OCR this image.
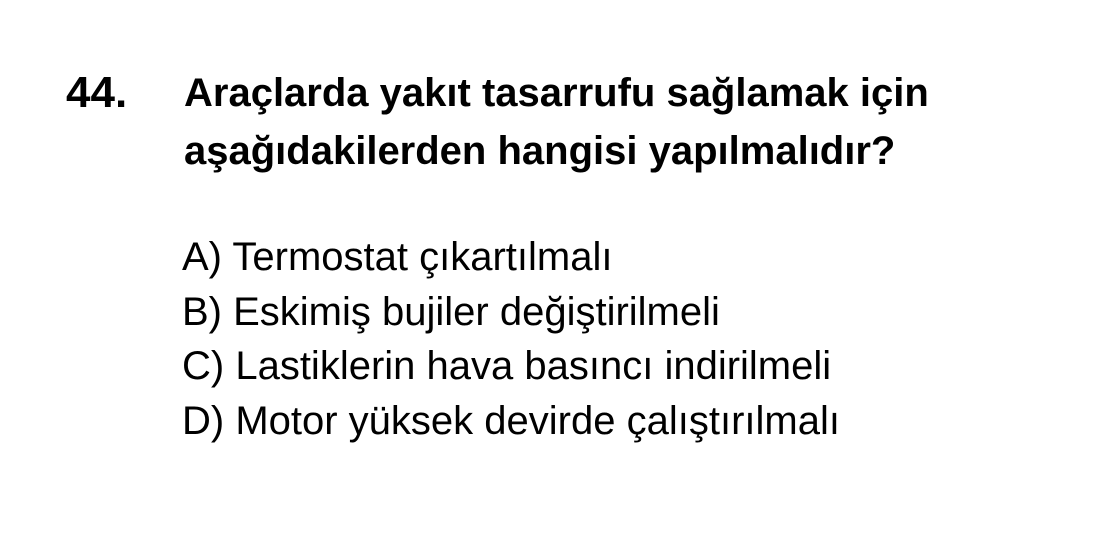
44. Araçlarda yakıt tasarrufu sağlamak için
aşağıdakilerden hangisi yapılmalıdır?
A) Termostat çıkartılmalı
B) Eskimiş bujiler değiştirilmeli
C) Lastiklerin hava basıncı indirilmeli
D) Motor yüksek devirde çalıştırılmalı
